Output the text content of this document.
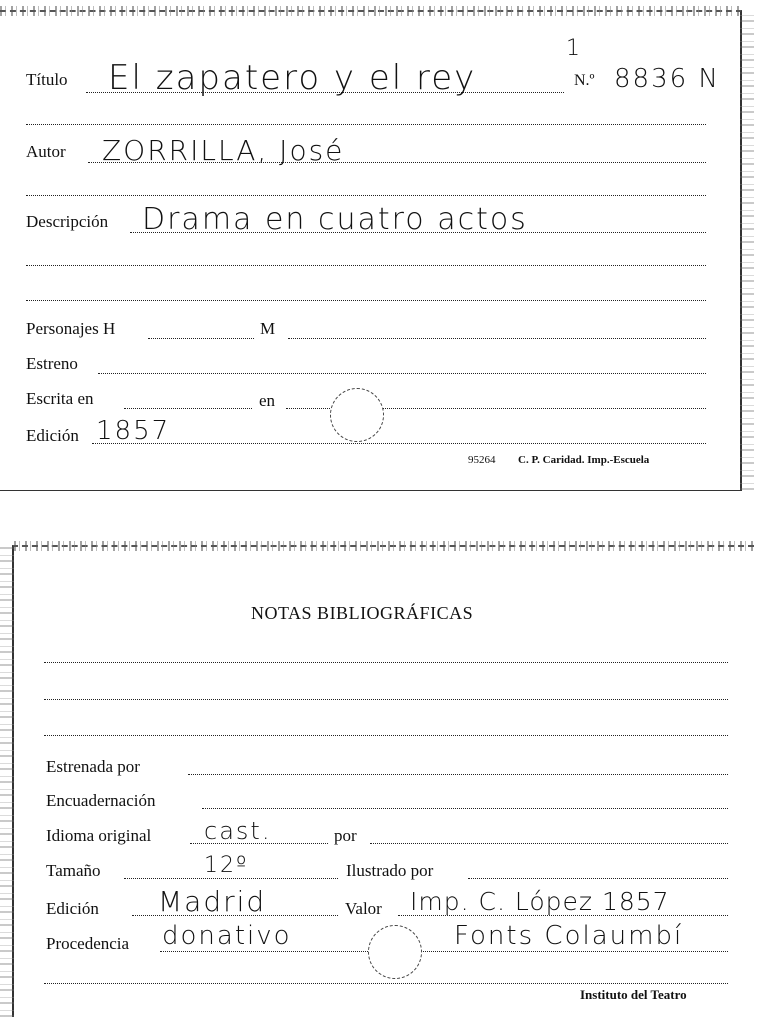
Título El zapatero y el rey
1
N.º 8836 N
Autor ZORRILLA, José
Descripción Drama en cuatro actos
Personajes H	M
Estreno
Escrita en	en
Edición 1857
95264 C. P. Caridad. Imp.-Escuela
NOTAS BIBLIOGRÁFICAS
Estrenada por
Encuadernación
Idioma original cast.	por
Tamaño	12º	Ilustrado por
Edición Madrid	Valor Imp. C. López 1857
Procedencia donativo	Fonts Colaumbí
Instituto del Teatro
